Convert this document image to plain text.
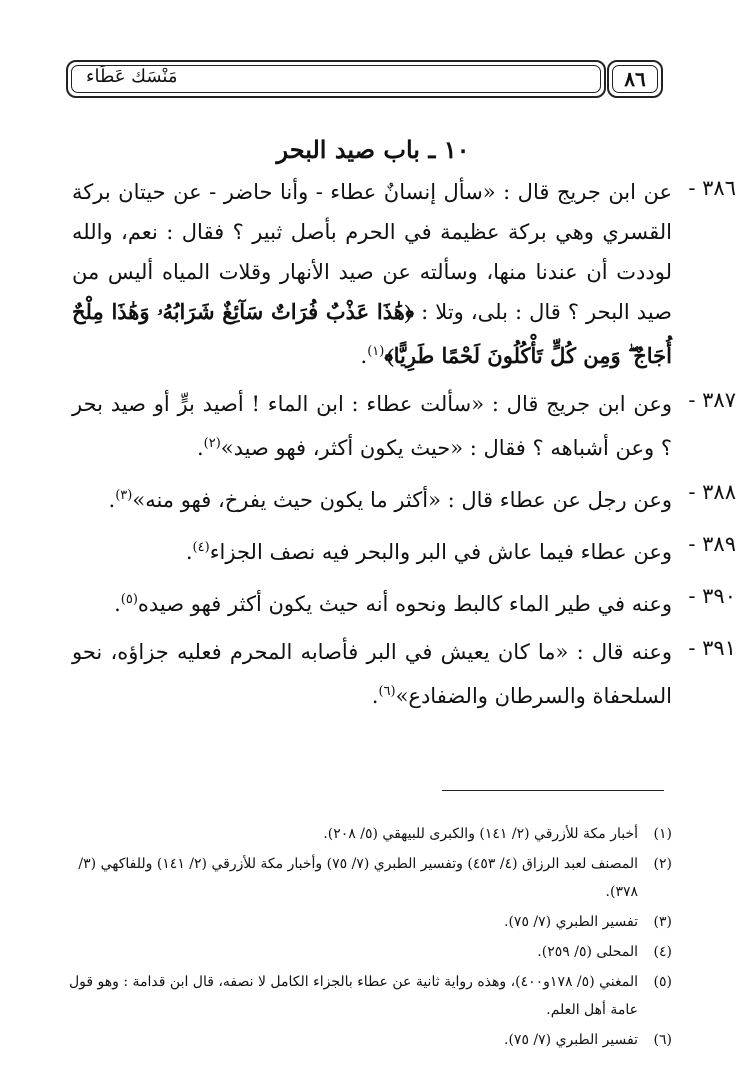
مَنْسَك عَطَاء	٨٦
١٠ ـ باب صيد البحر
٣٨٦ -
عن ابن جريج قال : «سأل إنسانٌ عطاء - وأنا حاضر - عن حيتان بركة القسري وهي بركة عظيمة في الحرم بأصل ثبير ؟ فقال : نعم، والله لوددت أن عندنا منها، وسألته عن صيد الأنهار وقلات المياه أليس من صيد البحر ؟ قال : بلى، وتلا : ﴿هَٰذَا عَذْبٌ فُرَاتٌ سَآئِغٌ شَرَابُهُۥ وَهَٰذَا مِلْحٌ أُجَاجٌ ۖ وَمِن كُلٍّ تَأْكُلُونَ لَحْمًا طَرِيًّا﴾$^{(١)}$.
٣٨٧ -
وعن ابن جريج قال : «سألت عطاء : ابن الماء ! أصيد برٍّ أو صيد بحر ؟ وعن أشباهه ؟ فقال : «حيث يكون أكثر، فهو صيد»$^{(٢)}$.
٣٨٨ -
وعن رجل عن عطاء قال : «أكثر ما يكون حيث يفرخ، فهو منه»$^{(٣)}$.
٣٨٩ -
وعن عطاء فيما عاش في البر والبحر فيه نصف الجزاء$^{(٤)}$.
٣٩٠ -
وعنه في طير الماء كالبط ونحوه أنه حيث يكون أكثر فهو صيده$^{(٥)}$.
٣٩١ -
وعنه قال : «ما كان يعيش في البر فأصابه المحرم فعليه جزاؤه، نحو السلحفاة والسرطان والضفادع»$^{(٦)}$.
(١)
أخبار مكة للأزرقي (٢/ ١٤١) والكبرى للبيهقي (٥/ ٢٠٨).
(٢)
المصنف لعبد الرزاق (٤/ ٤٥٣) وتفسير الطبري (٧/ ٧٥) وأخبار مكة للأزرقي (٢/ ١٤١) وللفاكهي (٣/ ٣٧٨).
(٣)
تفسير الطبري (٧/ ٧٥).
(٤)
المحلى (٥/ ٢٥٩).
(٥)
المغني (٥/ ١٧٨و٤٠٠)، وهذه رواية ثانية عن عطاء بالجزاء الكامل لا نصفه، قال ابن قدامة : وهو قول عامة أهل العلم.
(٦)
تفسير الطبري (٧/ ٧٥).
